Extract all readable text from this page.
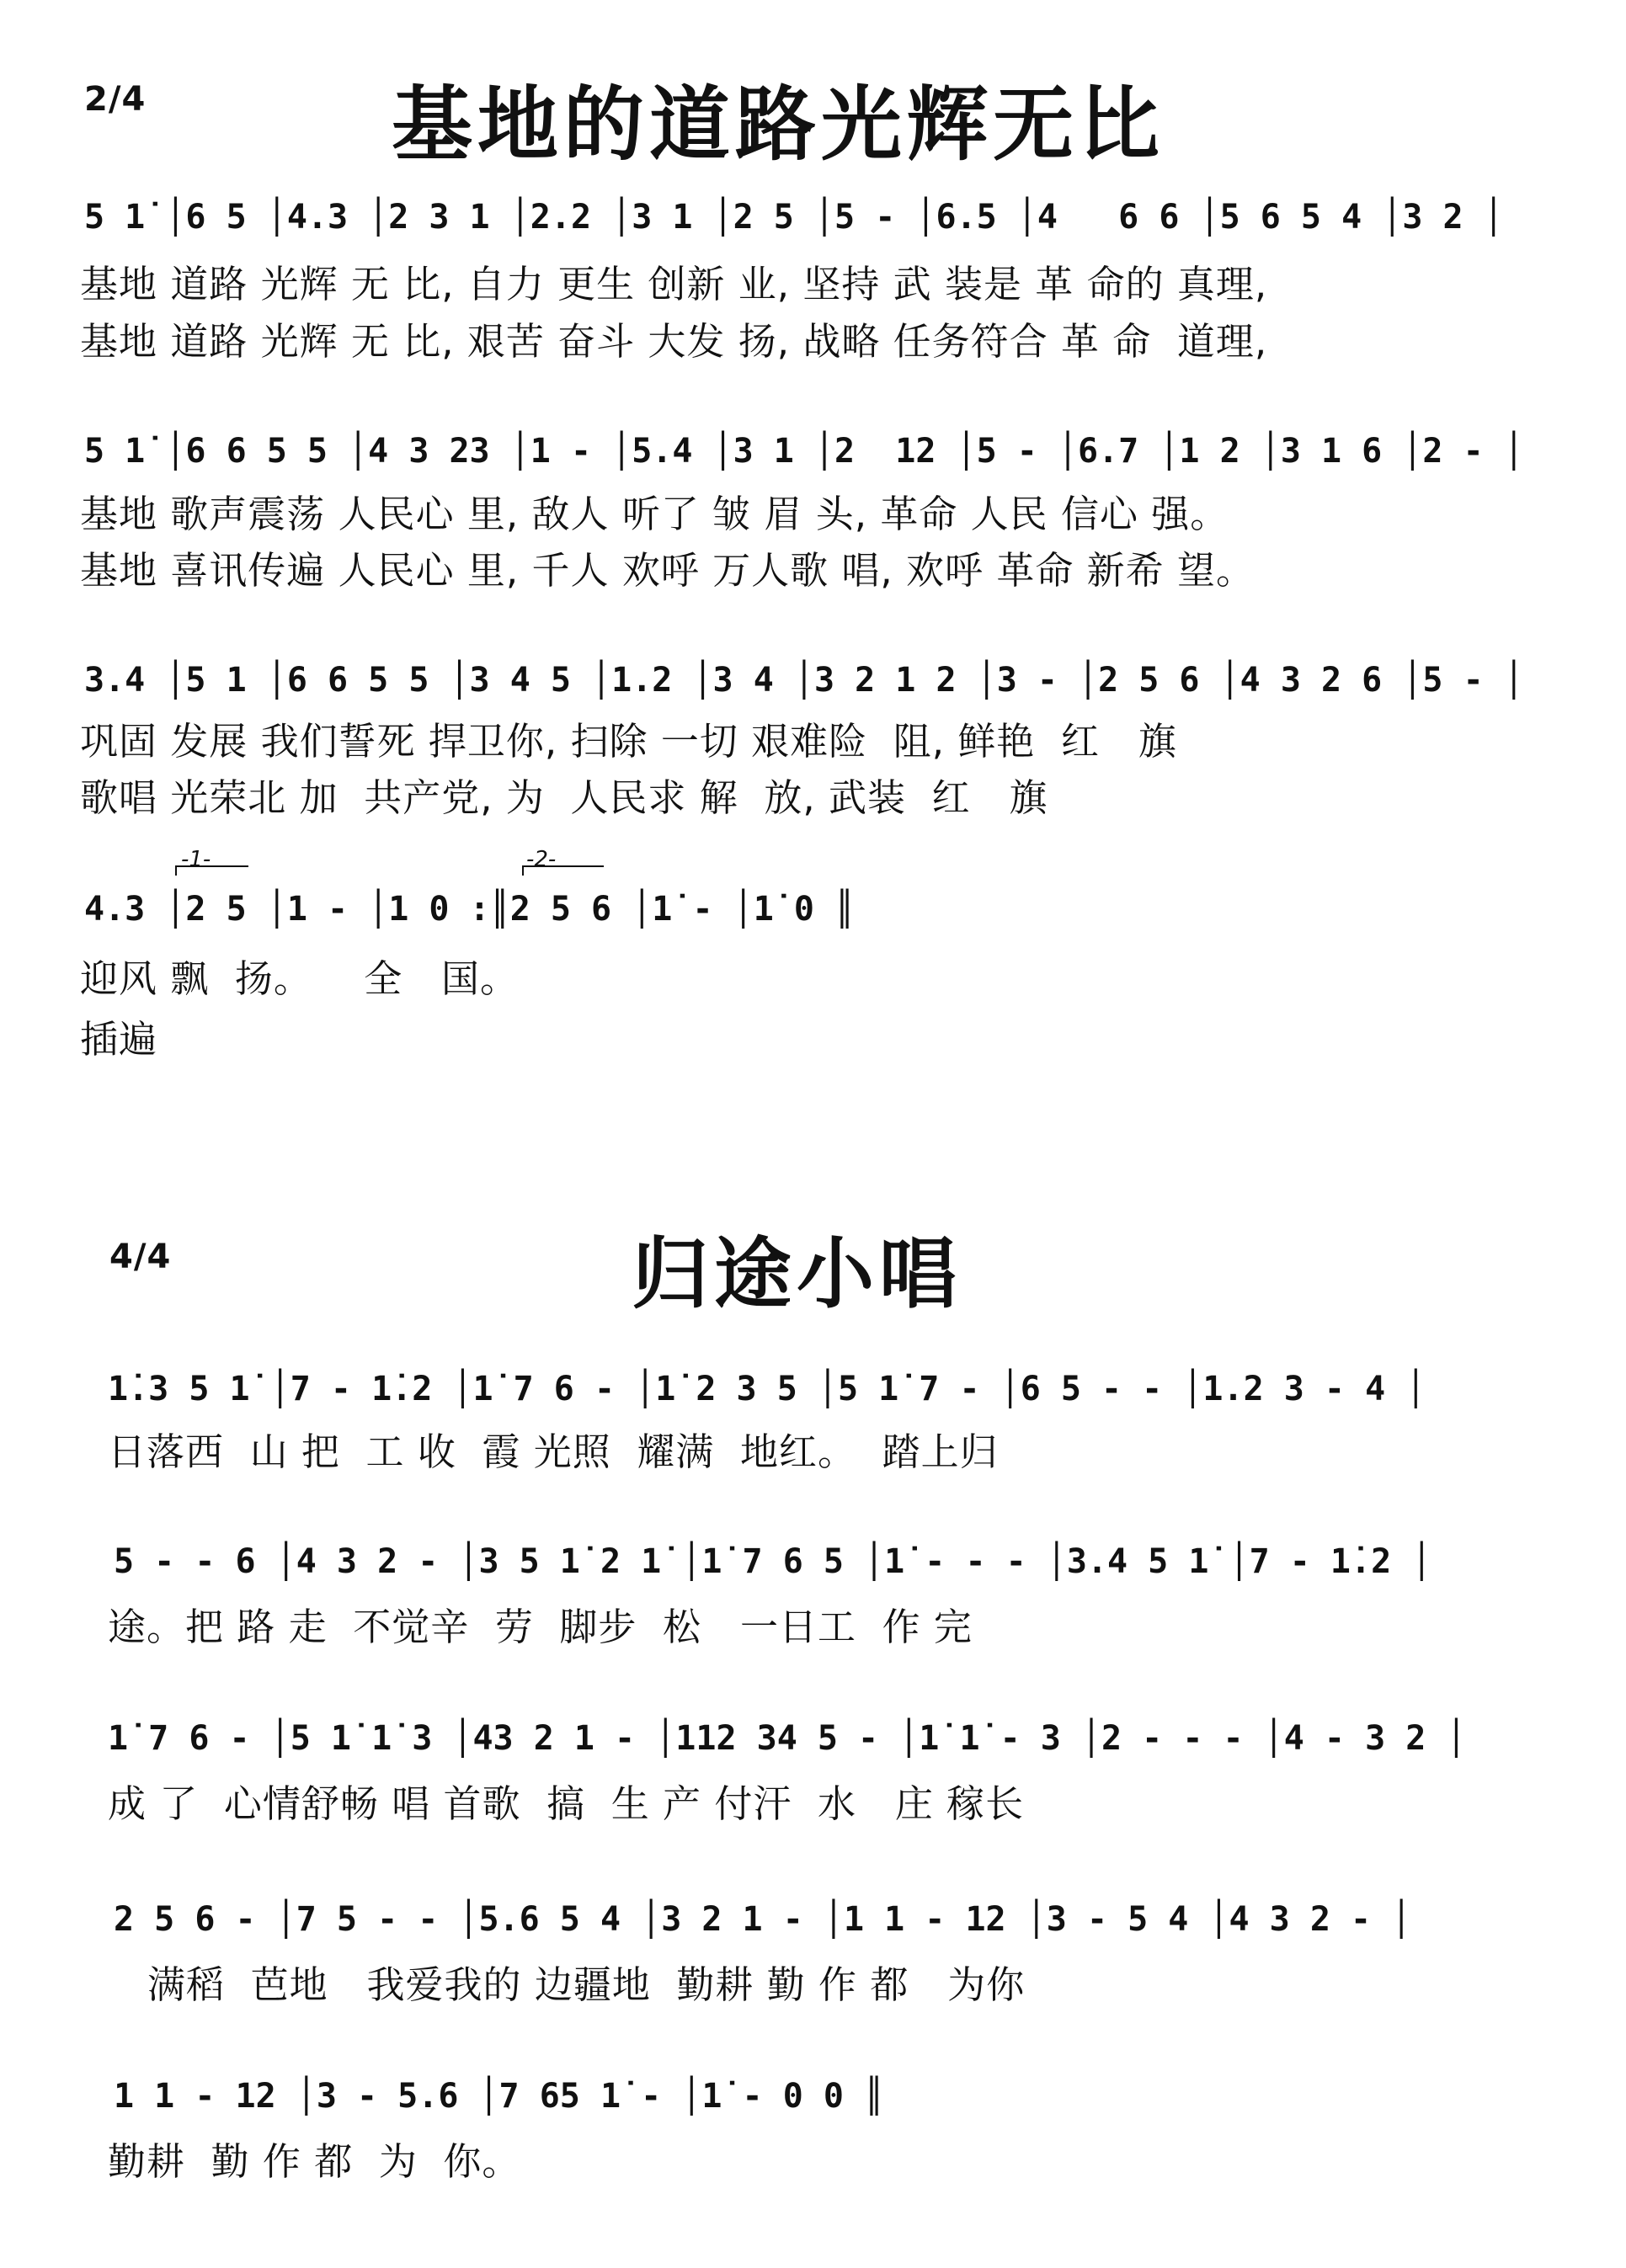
2/4	基地的道路光辉无比
5 1̇ │6 5 │4.3 │2 3 1 │2.2 │3 1 │2 5 │5 - │6.5 │4   6 6 │5 6 5 4 │3 2 │
基地 道路 光辉 无 比, 自力 更生 创新 业, 坚持 武 装是 革 命的 真理,
基地 道路 光辉 无 比, 艰苦 奋斗 大发 扬, 战略 任务符合 革 命  道理,
5 1̇ │6 6 5 5 │4 3 23 │1 - │5.4 │3 1 │2  12 │5 - │6.7 │1 2 │3 1 6 │2 - │
基地 歌声震荡 人民心 里, 敌人 听了 皱 眉 头, 革命 人民 信心 强。
基地 喜讯传遍 人民心 里, 千人 欢呼 万人歌 唱, 欢呼 革命 新希 望。
3.4 │5 1 │6 6 5 5 │3 4 5 │1.2 │3 4 │3 2 1 2 │3 - │2 5 6 │4 3 2 6 │5 - │
巩固 发展 我们誓死 捍卫你, 扫除 一切 艰难险  阻, 鲜艳  红   旗
歌唱 光荣北 加  共产党, 为  人民求 解  放, 武装  红   旗
-1-	-2-
4.3 │2 5 │1 - │1 0 :║2 5 6 │1̇ - │1̇ 0 ║
迎风 飘  扬。    全   国。
插遍
4/4	归途小唱
1̇.3 5 1̇ │7 - 1̇.2 │1̇ 7 6 - │1̇ 2 3 5 │5 1̇ 7 - │6 5 - - │1.2 3 - 4 │
日落西  山 把  工 收  霞 光照  耀满  地红。  踏上归
5 - - 6 │4 3 2 - │3 5 1̇ 2 1̇ │1̇ 7 6 5 │1̇ - - - │3.4 5 1̇ │7 - 1̇.2 │
途。把 路 走  不觉辛  劳  脚步  松   一日工  作 完
1̇ 7 6 - │5 1̇ 1̇ 3 │43 2 1 - │112 34 5 - │1̇ 1̇ - 3 │2 - - - │4 - 3 2 │
成 了  心情舒畅 唱 首歌  搞  生 产 付汗  水   庄 稼长
2 5 6 - │7 5 - - │5.6 5 4 │3 2 1 - │1 1 - 12 │3 - 5 4 │4 3 2 - │
满稻  芭地   我爱我的 边疆地  勤耕 勤 作 都   为你
1 1 - 12 │3 - 5.6 │7 65 1̇ - │1̇ - 0 0 ║
勤耕  勤 作 都  为  你。
